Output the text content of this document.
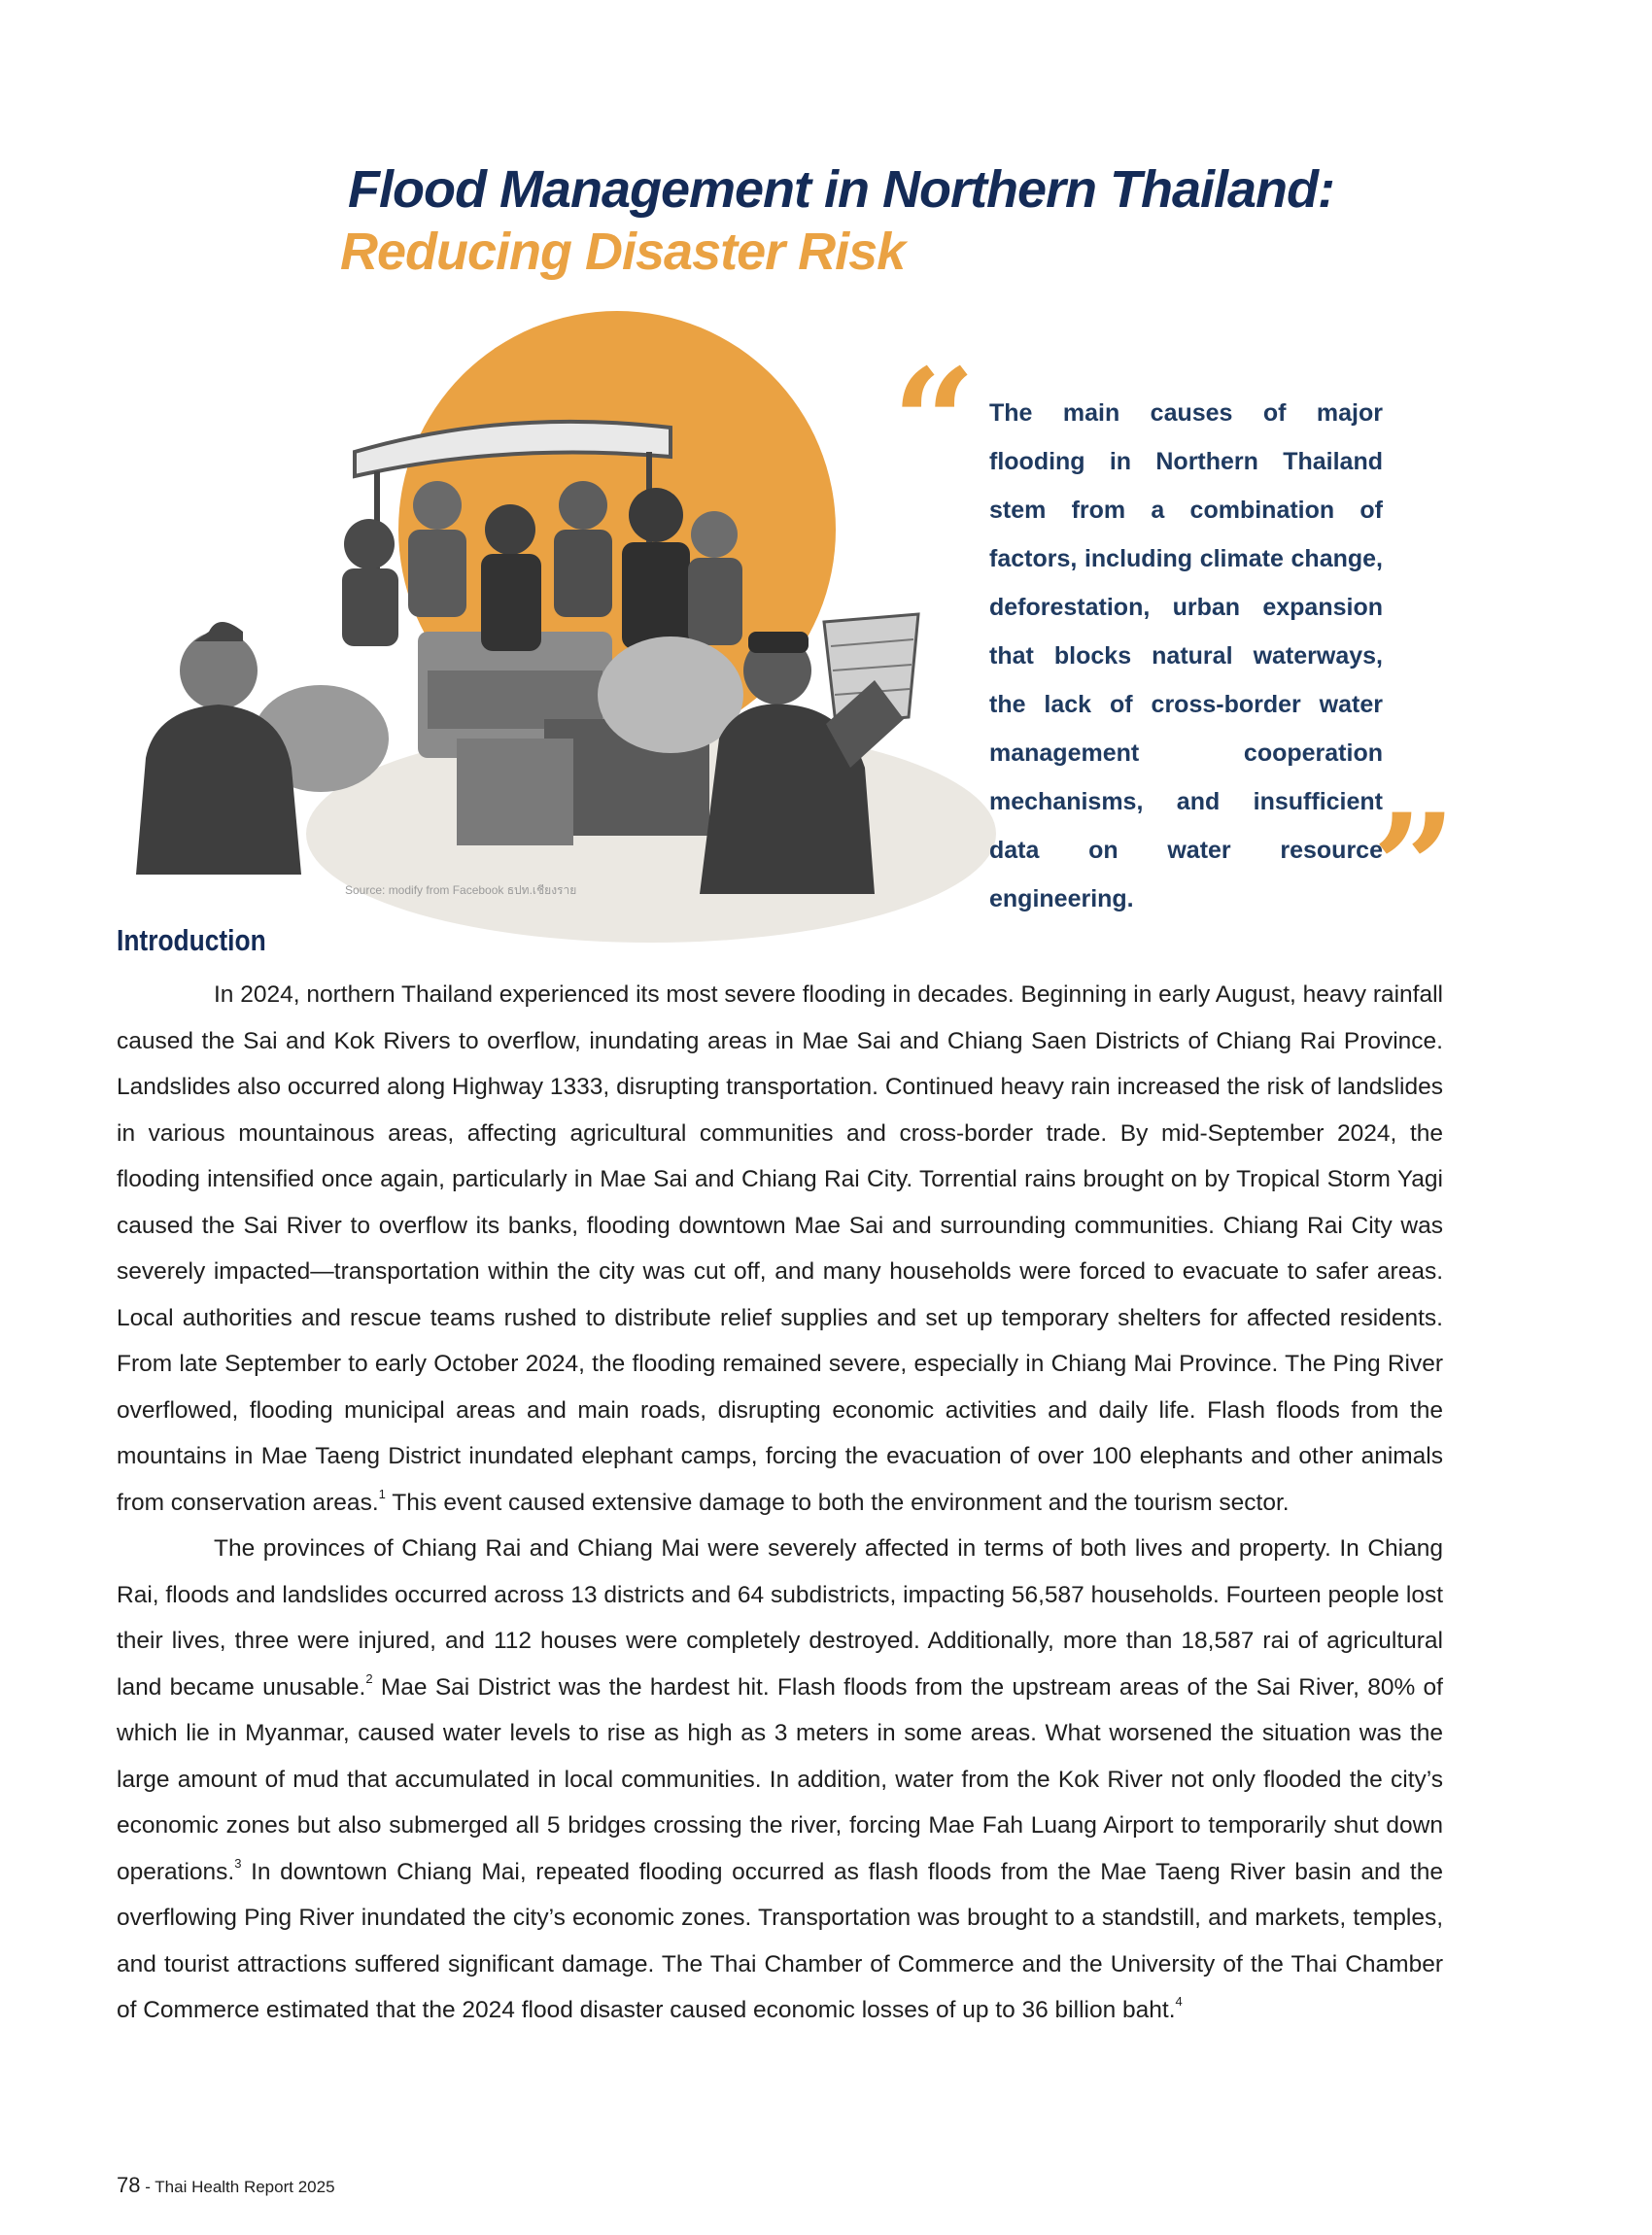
7	Flood Management in Northern Thailand:
Reducing Disaster Risk
Source: modify from Facebook ธปท.เชียงราย
“ The main causes of major flooding in Northern Thailand stem from a combination of factors, including climate change, deforestation, urban expansion that blocks natural waterways, the lack of cross-border water management cooperation mechanisms, and insufficient data on water resource engineering.	”
Introduction

In 2024, northern Thailand experienced its most severe flooding in decades. Beginning in early August, heavy rainfall caused the Sai and Kok Rivers to overflow, inundating areas in Mae Sai and Chiang Saen Districts of Chiang Rai Province. Landslides also occurred along Highway 1333, disrupting transportation. Continued heavy rain increased the risk of landslides in various mountainous areas, affecting agricultural communities and cross-border trade. By mid-September 2024, the flooding intensified once again, particularly in Mae Sai and Chiang Rai City. Torrential rains brought on by Tropical Storm Yagi caused the Sai River to overflow its banks, flooding downtown Mae Sai and surrounding communities. Chiang Rai City was severely impacted—transportation within the city was cut off, and many households were forced to evacuate to safer areas. Local authorities and rescue teams rushed to distribute relief supplies and set up temporary shelters for affected residents. From late September to early October 2024, the flooding remained severe, especially in Chiang Mai Province. The Ping River overflowed, flooding municipal areas and main roads, disrupting economic activities and daily life. Flash floods from the mountains in Mae Taeng District inundated elephant camps, forcing the evacuation of over 100 elephants and other animals from conservation areas.$^1$ This event caused extensive damage to both the environment and the tourism sector.

The provinces of Chiang Rai and Chiang Mai were severely affected in terms of both lives and property. In Chiang Rai, floods and landslides occurred across 13 districts and 64 subdistricts, impacting 56,587 households. Fourteen people lost their lives, three were injured, and 112 houses were completely destroyed. Additionally, more than 18,587 rai of agricultural land became unusable.$^2$ Mae Sai District was the hardest hit. Flash floods from the upstream areas of the Sai River, 80% of which lie in Myanmar, caused water levels to rise as high as 3 meters in some areas. What worsened the situation was the large amount of mud that accumulated in local communities. In addition, water from the Kok River not only flooded the city’s economic zones but also submerged all 5 bridges crossing the river, forcing Mae Fah Luang Airport to temporarily shut down operations.$^3$ In downtown Chiang Mai, repeated flooding occurred as flash floods from the Mae Taeng River basin and the overflowing Ping River inundated the city’s economic zones. Transportation was brought to a standstill, and markets, temples, and tourist attractions suffered significant damage. The Thai Chamber of Commerce and the University of the Thai Chamber of Commerce estimated that the 2024 flood disaster caused economic losses of up to 36 billion baht.$^4$

78 - Thai Health Report 2025
